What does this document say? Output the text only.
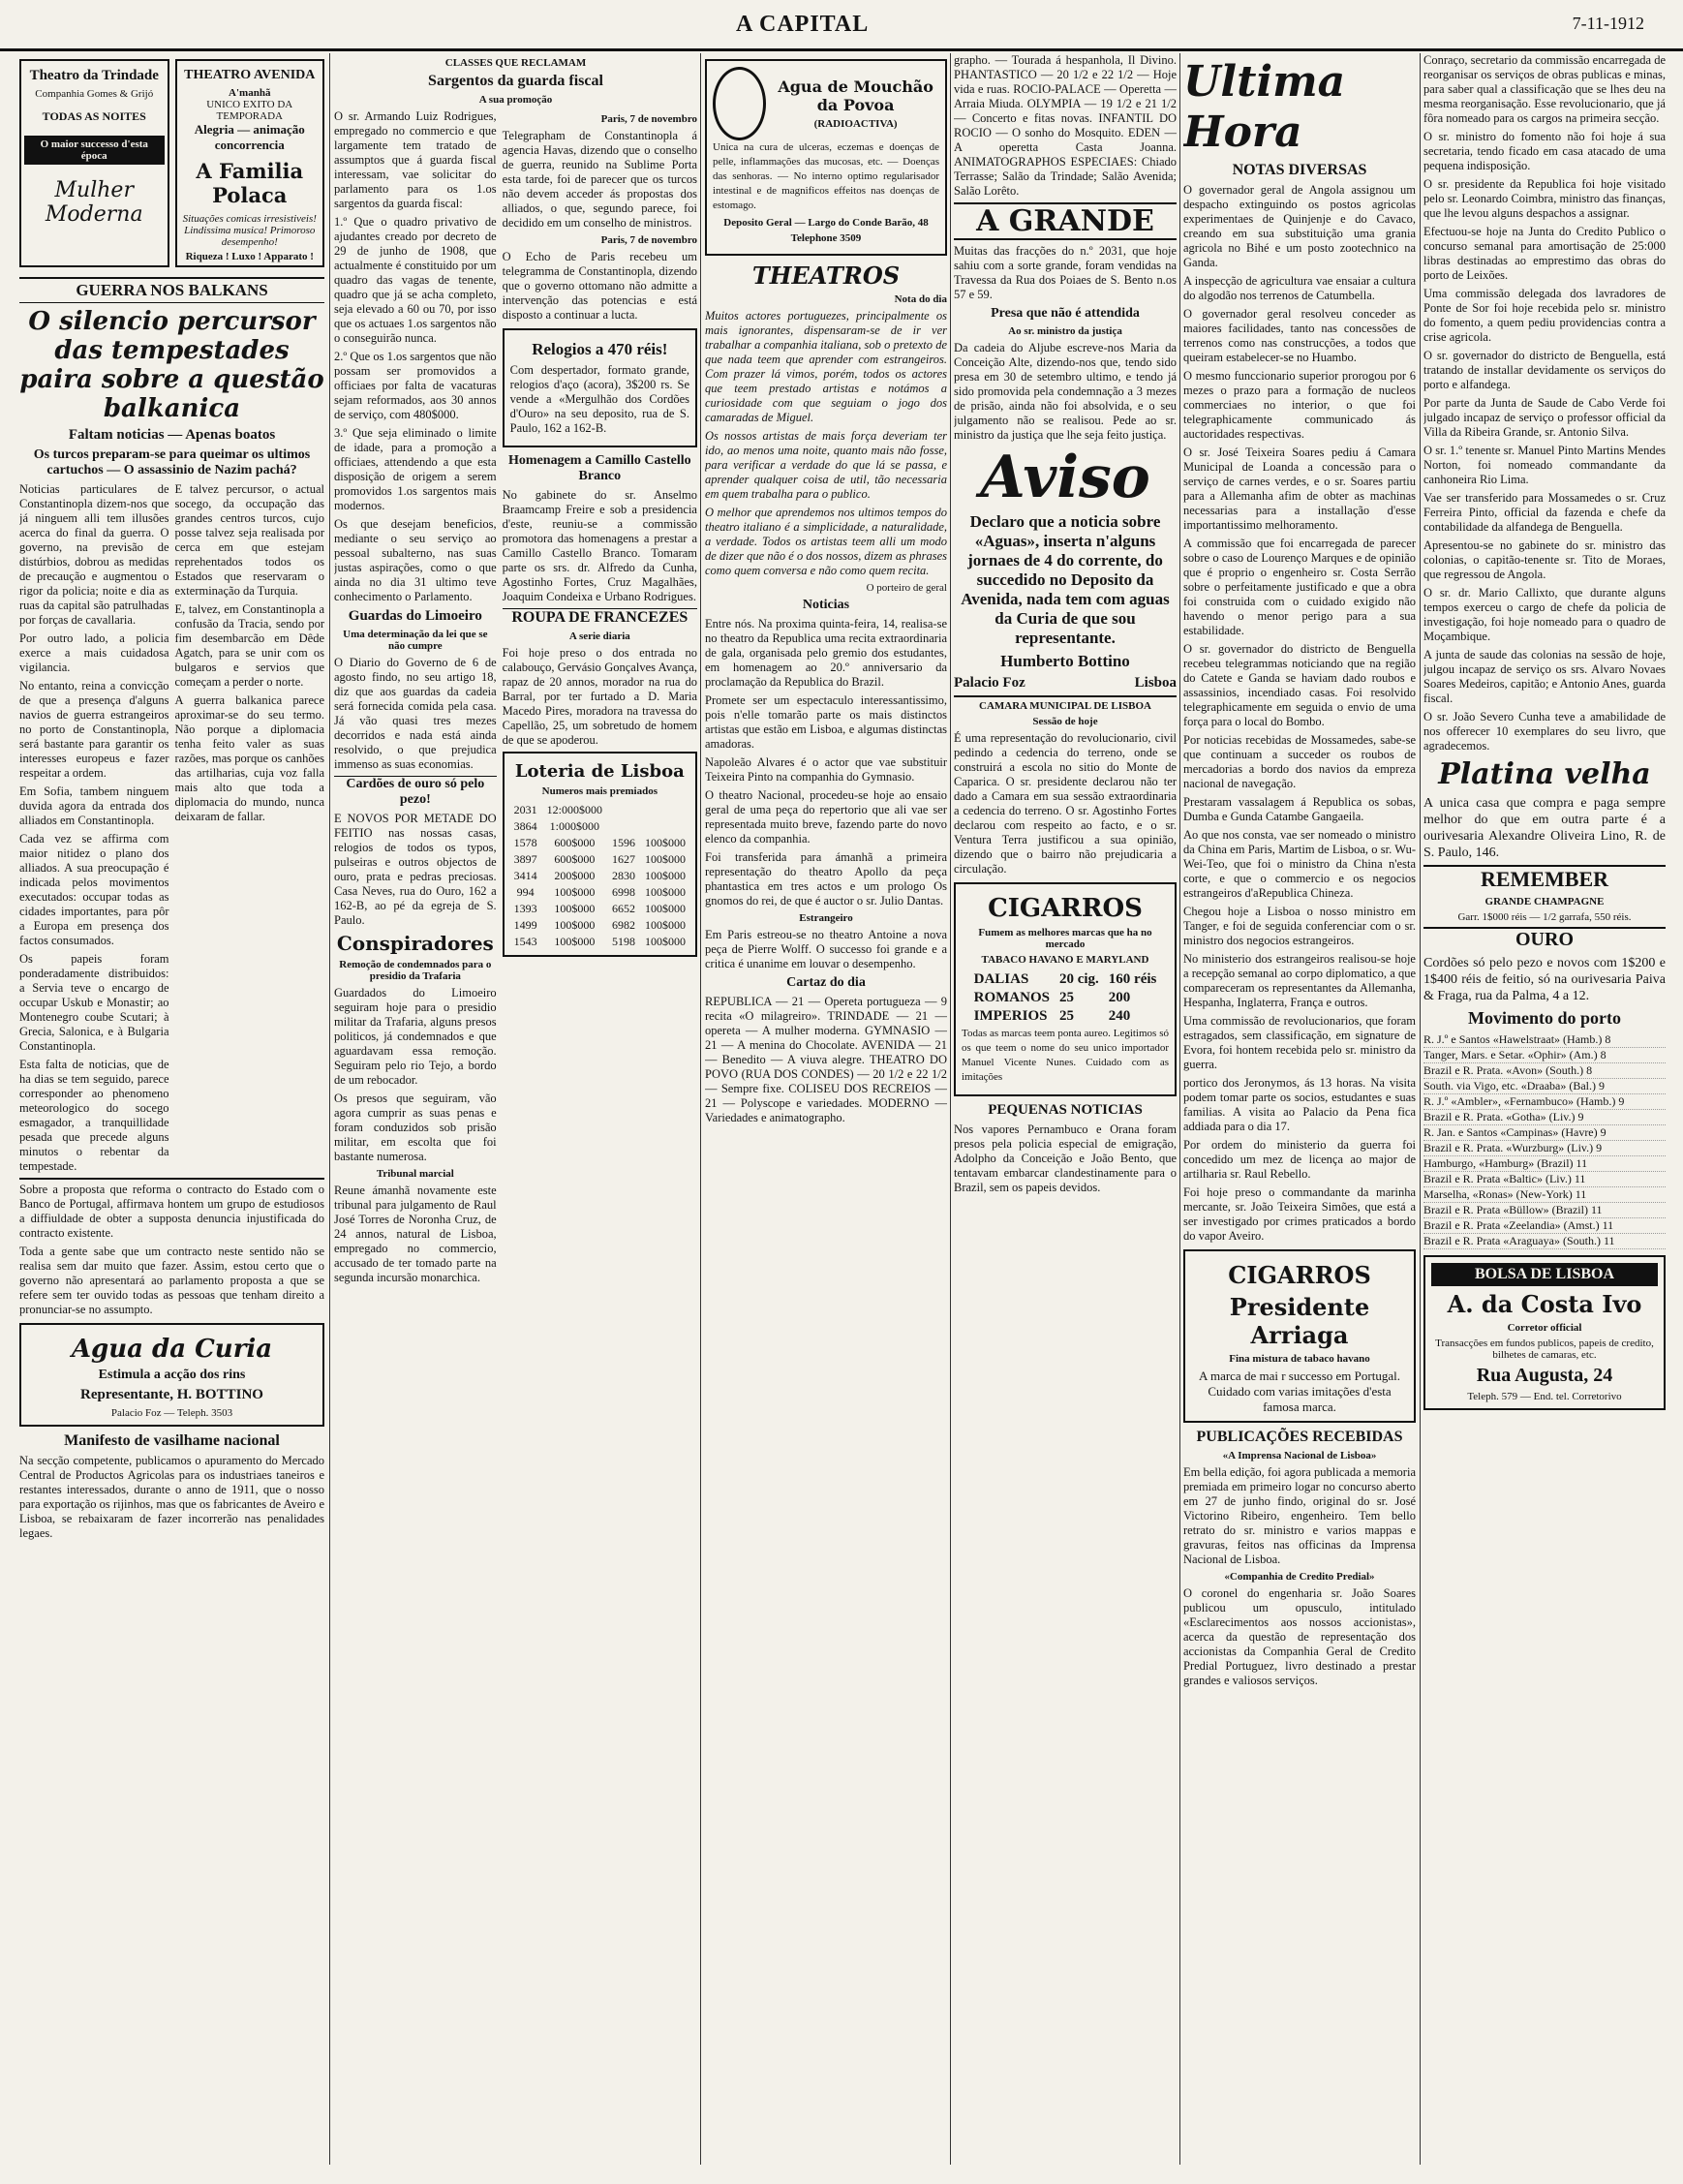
A CAPITAL	7-11-1912
Theatro da Trindade
Companhia Gomes & Grijó
TODAS AS NOITES
O maior successo d'esta época
Mulher Moderna
THEATRO AVENIDA
A'manhã
UNICO EXITO DA TEMPORADA
Alegria — animação concorrencia
A Familia Polaca
Situações comicas irresistiveis! Lindissima musica! Primoroso desempenho!
Riqueza ! Luxo ! Apparato !
GUERRA NOS BALKANS
O silencio percursor das tempestades paira sobre a questão balkanica
Faltam noticias — Apenas boatos
Os turcos preparam-se para queimar os ultimos cartuchos — O assassinio de Nazim pachá?

Noticias particulares de Constantinopla dizem-nos que já ninguem alli tem illusões acerca do final da guerra. O governo, na previsão de distúrbios, dobrou as medidas de precaução e augmentou o rigor da policia; noite e dia as ruas da capital são patrulhadas por forças de cavallaria.

Por outro lado, a policia exerce a mais cuidadosa vigilancia.

No entanto, reina a convicção de que a presença d'alguns navios de guerra estrangeiros no porto de Constantinopla, será bastante para garantir os interesses europeus e fazer respeitar a ordem.

Em Sofia, tambem ninguem duvida agora da entrada dos alliados em Constantinopla.

Cada vez se affirma com maior nitidez o plano dos alliados. A sua preocupação é indicada pelos movimentos executados: occupar todas as cidades importantes, para pôr a Europa em presença dos factos consumados.

Os papeis foram ponderadamente distribuidos: a Servia teve o encargo de occupar Uskub e Monastir; ao Montenegro coube Scutari; à Grecia, Salonica, e à Bulgaria Constantinopla.

Esta falta de noticias, que de ha dias se tem seguido, parece corresponder ao phenomeno meteorologico do socego esmagador, a tranquillidade pesada que precede alguns minutos o rebentar da tempestade.

E talvez percursor, o actual socego, da occupação das grandes centros turcos, cujo posse talvez seja realisada por cerca em que estejam reprehentados todos os Estados que reservaram o exterminação da Turquia.

E, talvez, em Constantinopla a confusão da Tracia, sendo por fim desembarcão em Dêde Agatch, para se unir com os bulgaros e servios que começam a perder o norte.

A guerra balkanica parece aproximar-se do seu termo. Não porque a diplomacia tenha feito valer as suas razões, mas porque os canhões das artilharias, cuja voz falla mais alto que toda a diplomacia do mundo, nunca deixaram de fallar.

Sobre a proposta que reforma o contracto do Estado com o Banco de Portugal, affirmava hontem um grupo de estudiosos a diffiuldade de obter a supposta denuncia injustificada do contracto existente.

Toda a gente sabe que um contracto neste sentido não se realisa sem dar muito que fazer. Assim, estou certo que o governo não apresentará ao parlamento proposta a que se refere sem ter ouvido todas as pessoas que tenham direito a pronunciar-se no assumpto.

Agua da Curia
Estimula a acção dos rins
Representante, H. BOTTINO
Palacio Foz — Teleph. 3503
Manifesto de vasilhame nacional

Na secção competente, publicamos o apuramento do Mercado Central de Productos Agricolas para os industriaes taneiros e restantes interessados, durante o anno de 1911, que o nosso para exportação os rijinhos, mas que os fabricantes de Aveiro e Lisboa, se rebaixaram de fazer incorrerão nas penalidades legaes.

CLASSES QUE RECLAMAM
Sargentos da guarda fiscal
A sua promoção

O sr. Armando Luiz Rodrigues, empregado no commercio e que largamente tem tratado de assumptos que á guarda fiscal interessam, vae solicitar do parlamento para os 1.os sargentos da guarda fiscal:

1.º Que o quadro privativo de ajudantes creado por decreto de 29 de junho de 1908, que actualmente é constituido por um quadro das vagas de tenente, quadro que já se acha completo, seja elevado a 60 ou 70, por isso que os actuaes 1.os sargentos não o conseguirão nunca.

2.º Que os 1.os sargentos que não possam ser promovidos a officiaes por falta de vacaturas sejam reformados, aos 30 annos de serviço, com 480$000.

3.º Que seja eliminado o limite de idade, para a promoção a officiaes, attendendo a que esta disposição de origem a serem promovidos 1.os sargentos mais modernos.

Os que desejam beneficios, mediante o seu serviço ao pessoal subalterno, nas suas justas aspirações, como o que ainda no dia 31 ultimo teve conhecimento o Parlamento.

Guardas do Limoeiro
Uma determinação da lei que se não cumpre

O Diario do Governo de 6 de agosto findo, no seu artigo 18, diz que aos guardas da cadeia será fornecida comida pela casa. Já vão quasi tres mezes decorridos e nada está ainda resolvido, o que prejudica immenso as suas economias.

Cardões de ouro só pelo pezo!

E NOVOS POR METADE DO FEITIO nas nossas casas, relogios de todos os typos, pulseiras e outros objectos de ouro, prata e pedras preciosas. Casa Neves, rua do Ouro, 162 a 162-B, ao pé da egreja de S. Paulo.

Conspiradores
Remoção de condemnados para o presidio da Trafaria

Guardados do Limoeiro seguiram hoje para o presidio militar da Trafaria, alguns presos politicos, já condemnados e que aguardavam essa remoção. Seguiram pelo rio Tejo, a bordo de um rebocador.

Os presos que seguiram, vão agora cumprir as suas penas e foram conduzidos sob prisão militar, em escolta que foi bastante numerosa.

Tribunal marcial

Reune ámanhã novamente este tribunal para julgamento de Raul José Torres de Noronha Cruz, de 24 annos, natural de Lisboa, empregado no commercio, accusado de ter tomado parte na segunda incursão monarchica.

Paris, 7 de novembro

Telegrapham de Constantinopla á agencia Havas, dizendo que o conselho de guerra, reunido na Sublime Porta esta tarde, foi de parecer que os turcos não devem acceder ás propostas dos alliados, o que, segundo parece, foi decidido em um conselho de ministros.

Paris, 7 de novembro

O Echo de Paris recebeu um telegramma de Constantinopla, dizendo que o governo ottomano não admitte a intervenção das potencias e está disposto a continuar a lucta.

Relogios a 470 réis!

Com despertador, formato grande, relogios d'aço (acora), 3$200 rs. Se vende a «Mergulhão dos Cordões d'Ouro» na seu deposito, rua de S. Paulo, 162 a 162-B.

Homenagem a Camillo Castello Branco

No gabinete do sr. Anselmo Braamcamp Freire e sob a presidencia d'este, reuniu-se a commissão promotora das homenagens a prestar a Camillo Castello Branco. Tomaram parte os srs. dr. Alfredo da Cunha, Agostinho Fortes, Cruz Magalhães, Joaquim Condeixa e Urbano Rodrigues.

ROUPA DE FRANCEZES
A serie diaria

Foi hoje preso o dos entrada no calabouço, Gervásio Gonçalves Avança, rapaz de 20 annos, morador na rua do Barral, por ter furtado a D. Maria Macedo Pires, moradora na travessa do Capellão, 25, um sobretudo de homem de que se apoderou.

Loteria de Lisboa
Numeros mais premiados
2031	12:000$000		
3864	1:000$000		
1578	600$000	1596	100$000
3897	600$000	1627	100$000
3414	200$000	2830	100$000
994	100$000	6998	100$000
1393	100$000	6652	100$000
1499	100$000	6982	100$000
1543	100$000	5198	100$000
Agua de Mouchão da Povoa
(RADIOACTIVA)

Unica na cura de ulceras, eczemas e doenças de pelle, inflammações das mucosas, etc. — Doenças das senhoras. — No interno optimo regularisador intestinal e de magnificos effeitos nas doenças de estomago.

Deposito Geral — Largo do Conde Barão, 48
Telephone 3509
THEATROS
Nota do dia

Muitos actores portuguezes, principalmente os mais ignorantes, dispensaram-se de ir ver trabalhar a companhia italiana, sob o pretexto de que nada teem que aprender com estrangeiros. Com prazer lá vimos, porém, todos os actores que teem prestado artistas e notámos a curiosidade com que seguiam o jogo dos camaradas de Miguel.

Os nossos artistas de mais força deveriam ter ido, ao menos uma noite, quanto mais não fosse, para verificar a verdade do que lá se passa, e aprender qualquer coisa de util, tão necessaria em quem trabalha para o publico.

O melhor que aprendemos nos ultimos tempos do theatro italiano é a simplicidade, a naturalidade, a verdade. Todos os artistas teem alli um modo de dizer que não é o dos nossos, dizem as phrases como quem conversa e não como quem recita.

O porteiro de geral
Noticias

Entre nós. Na proxima quinta-feira, 14, realisa-se no theatro da Republica uma recita extraordinaria de gala, organisada pelo gremio dos estudantes, em homenagem ao 20.º anniversario da proclamação da Republica do Brazil.

Promete ser um espectaculo interessantissimo, pois n'elle tomarão parte os mais distinctos artistas que estão em Lisboa, e algumas distinctas amadoras.

Napoleão Alvares é o actor que vae substituir Teixeira Pinto na companhia do Gymnasio.

O theatro Nacional, procedeu-se hoje ao ensaio geral de uma peça do repertorio que ali vae ser representada muito breve, fazendo parte do novo elenco da companhia.

Foi transferida para ámanhã a primeira representação do theatro Apollo da peça phantastica em tres actos e um prologo Os gnomos do rei, de que é auctor o sr. Julio Dantas.

Estrangeiro

Em Paris estreou-se no theatro Antoine a nova peça de Pierre Wolff. O successo foi grande e a critica é unanime em louvar o desempenho.

Cartaz do dia

REPUBLICA — 21 — Opereta portugueza — 9 recita «O milagreiro». TRINDADE — 21 — opereta — A mulher moderna. GYMNASIO — 21 — A menina do Chocolate. AVENIDA — 21 — Benedito — A viuva alegre. THEATRO DO POVO (RUA DOS CONDES) — 20 1/2 e 22 1/2 — Sempre fixe. COLISEU DOS RECREIOS — 21 — Polyscope e variedades. MODERNO — Variedades e animatographo.

grapho. — Tourada á hespanhola, Il Divino. PHANTASTICO — 20 1/2 e 22 1/2 — Hoje vida e ruas. ROCIO-PALACE — Operetta — Arraia Miuda. OLYMPIA — 19 1/2 e 21 1/2 — Concerto e fitas novas. INFANTIL DO ROCIO — O sonho do Mosquito. EDEN — A operetta Casta Joanna. ANIMATOGRAPHOS ESPECIAES: Chiado Terrasse; Salão da Trindade; Salão Avenida; Salão Lorêto.

A GRANDE

Muitas das fracções do n.º 2031, que hoje sahiu com a sorte grande, foram vendidas na Travessa da Rua dos Poiaes de S. Bento n.os 57 e 59.

Presa que não é attendida
Ao sr. ministro da justiça

Da cadeia do Aljube escreve-nos Maria da Conceição Alte, dizendo-nos que, tendo sido presa em 30 de setembro ultimo, e tendo já sido promovida pela condemnação a 3 mezes de prisão, ainda não foi absolvida, e o seu julgamento não se realisou. Pede ao sr. ministro da justiça que lhe seja feito justiça.

Aviso
Declaro que a noticia sobre «Aguas», inserta n'alguns jornaes de 4 do corrente, do succedido no Deposito da Avenida, nada tem com aguas da Curia de que sou representante.
Humberto Bottino
Palacio Foz	Lisboa
CAMARA MUNICIPAL DE LISBOA
Sessão de hoje

É uma representação do revolucionario, civil pedindo a cedencia do terreno, onde se construirá a escola no sitio do Monte de Caparica. O sr. presidente declarou não ter dado a Camara em sua sessão extraordinaria a cedencia do terreno. O sr. Agostinho Fortes declarou com respeito ao facto, e o sr. Ventura Terra justificou a sua opinião, dizendo que o bairro não prejudicaria a circulação.

CIGARROS
Fumem as melhores marcas que ha no mercado
TABACO HAVANO E MARYLAND
DALIAS	20 cig.	160 réis
ROMANOS	25	200
IMPERIOS	25	240

Todas as marcas teem ponta aureo. Legitimos só os que teem o nome do seu unico importador Manuel Vicente Nunes. Cuidado com as imitações

PEQUENAS NOTICIAS

Nos vapores Pernambuco e Orana foram presos pela policia especial de emigração, Adolpho da Conceição e João Bento, que tentavam embarcar clandestinamente para o Brazil, sem os papeis devidos.

Ultima Hora
NOTAS DIVERSAS

O governador geral de Angola assignou um despacho extinguindo os postos agricolas experimentaes de Quinjenje e do Cavaco, creando em sua substituição uma grania agricola no Bihé e um posto zootechnico na Ganda.

A inspecção de agricultura vae ensaiar a cultura do algodão nos terrenos de Catumbella.

O governador geral resolveu conceder as maiores facilidades, tanto nas concessões de terrenos como nas construcções, a todos que queiram estabelecer-se no Huambo.

O mesmo funccionario superior prorogou por 6 mezes o prazo para a formação de nucleos commerciaes no interior, o que foi telegraphicamente communicado ás auctoridades respectivas.

O sr. José Teixeira Soares pediu á Camara Municipal de Loanda a concessão para o serviço de carnes verdes, e o sr. Soares partiu para a Allemanha afim de obter as machinas necessarias para a installação d'esse importantissimo melhoramento.

A commissão que foi encarregada de parecer sobre o caso de Lourenço Marques e de opinião que é proprio o engenheiro sr. Costa Serrão sobre o perfeitamente justificado e que a obra foi construida com o cuidado exigido não havendo o menor perigo para a sua estabilidade.

O sr. governador do districto de Benguella recebeu telegrammas noticiando que na região do Catete e Ganda se haviam dado roubos e assassinios, incendiado casas. Foi resolvido telegraphicamente em seguida o envio de uma força para o local do Bombo.

Por noticias recebidas de Mossamedes, sabe-se que continuam a succeder os roubos de mercadorias a bordo dos navios da empreza nacional de navegação.

Prestaram vassalagem á Republica os sobas, Dumba e Gunda Catambe Gangaeila.

Ao que nos consta, vae ser nomeado o ministro da China em Paris, Martim de Lisboa, o sr. Wu-Wei-Teo, que foi o ministro da China n'esta corte, e que o commercio e os negocios estrangeiros d'aRepublica Chineza.

Chegou hoje a Lisboa o nosso ministro em Tanger, e foi de seguida conferenciar com o sr. ministro dos negocios estrangeiros.

No ministerio dos estrangeiros realisou-se hoje a recepção semanal ao corpo diplomatico, a que compareceram os representantes da Allemanha, Hespanha, Inglaterra, França e outros.

Uma commissão de revolucionarios, que foram estragados, sem classificação, em signature de Evora, foi hontem recebida pelo sr. ministro da guerra.

portico dos Jeronymos, ás 13 horas. Na visita podem tomar parte os socios, estudantes e suas familias. A visita ao Palacio da Pena fica addiada para o dia 17.

Por ordem do ministerio da guerra foi concedido um mez de licença ao major de artilharia sr. Raul Rebello.

Foi hoje preso o commandante da marinha mercante, sr. João Teixeira Simões, que está a ser investigado por crimes praticados a bordo do vapor Aveiro.

CIGARROS
Presidente Arriaga
Fina mistura de tabaco havano
A marca de mai r successo em Portugal. Cuidado com varias imitações d'esta famosa marca.
PUBLICAÇÕES RECEBIDAS
«A Imprensa Nacional de Lisboa»

Em bella edição, foi agora publicada a memoria premiada em primeiro logar no concurso aberto em 27 de junho findo, original do sr. José Victorino Ribeiro, engenheiro. Tem bello retrato do sr. ministro e varios mappas e gravuras, feitos nas officinas da Imprensa Nacional de Lisboa.

«Companhia de Credito Predial»

O coronel do engenharia sr. João Soares publicou um opusculo, intitulado «Esclarecimentos aos nossos accionistas», acerca da questão de representação dos accionistas da Companhia Geral de Credito Predial Portuguez, livro destinado a prestar grandes e valiosos serviços.

Conraço, secretario da commissão encarregada de reorganisar os serviços de obras publicas e minas, para saber qual a classificação que se lhes deu na mesma reorganisação. Esse revolucionario, que já fôra nomeado para os cargos na primeira secção.

O sr. ministro do fomento não foi hoje á sua secretaria, tendo ficado em casa atacado de uma pequena indisposição.

O sr. presidente da Republica foi hoje visitado pelo sr. Leonardo Coimbra, ministro das finanças, que lhe levou alguns despachos a assignar.

Efectuou-se hoje na Junta do Credito Publico o concurso semanal para amortisação de 25:000 libras destinadas ao emprestimo das obras do porto de Leixões.

Uma commissão delegada dos lavradores de Ponte de Sor foi hoje recebida pelo sr. ministro do fomento, a quem pediu providencias contra a crise agricola.

O sr. governador do districto de Benguella, está tratando de installar devidamente os serviços do porto e alfandega.

Por parte da Junta de Saude de Cabo Verde foi julgado incapaz de serviço o professor official da Villa da Ribeira Grande, sr. Antonio Silva.

O sr. 1.º tenente sr. Manuel Pinto Martins Mendes Norton, foi nomeado commandante da canhoneira Rio Lima.

Vae ser transferido para Mossamedes o sr. Cruz Ferreira Pinto, official da fazenda e chefe da contabilidade da alfandega de Benguella.

Apresentou-se no gabinete do sr. ministro das colonias, o capitão-tenente sr. Tito de Moraes, que regressou de Angola.

O sr. dr. Mario Callixto, que durante alguns tempos exerceu o cargo de chefe da policia de investigação, foi hoje nomeado para o quadro de Moçambique.

A junta de saude das colonias na sessão de hoje, julgou incapaz de serviço os srs. Alvaro Novaes Soares Medeiros, capitão; e Antonio Anes, guarda fiscal.

O sr. João Severo Cunha teve a amabilidade de nos offerecer 10 exemplares do seu livro, que agradecemos.

Platina velha

A unica casa que compra e paga sempre melhor do que em outra parte é a ourivesaria Alexandre Oliveira Lino, R. de S. Paulo, 146.

REMEMBER
GRANDE CHAMPAGNE
Garr. 1$000 réis — 1/2 garrafa, 550 réis.
OURO

Cordões só pelo pezo e novos com 1$200 e 1$400 réis de feitio, só na ourivesaria Paiva & Fraga, rua da Palma, 4 a 12.

Movimento do porto
R. J.º e Santos «Hawelstraat» (Hamb.) 8
Tanger, Mars. e Setar. «Ophir» (Am.) 8
Brazil e R. Prata. «Avon» (South.) 8
South. via Vigo, etc. «Draaba» (Bal.) 9
R. J.º «Ambler», «Fernambuco» (Hamb.) 9
Brazil e R. Prata. «Gotha» (Liv.) 9
R. Jan. e Santos «Campinas» (Havre) 9
Brazil e R. Prata. «Wurzburg» (Liv.) 9
Hamburgo, «Hamburg» (Brazil) 11
Brazil e R. Prata «Baltic» (Liv.) 11
Marselha, «Ronas» (New-York) 11
Brazil e R. Prata «Büllow» (Brazil) 11
Brazil e R. Prata «Zeelandia» (Amst.) 11
Brazil e R. Prata «Araguaya» (South.) 11
BOLSA DE LISBOA
A. da Costa Ivo
Corretor official
Transacções em fundos publicos, papeis de credito, bilhetes de camaras, etc.
Rua Augusta, 24
Teleph. 579 — End. tel. Corretorivo
